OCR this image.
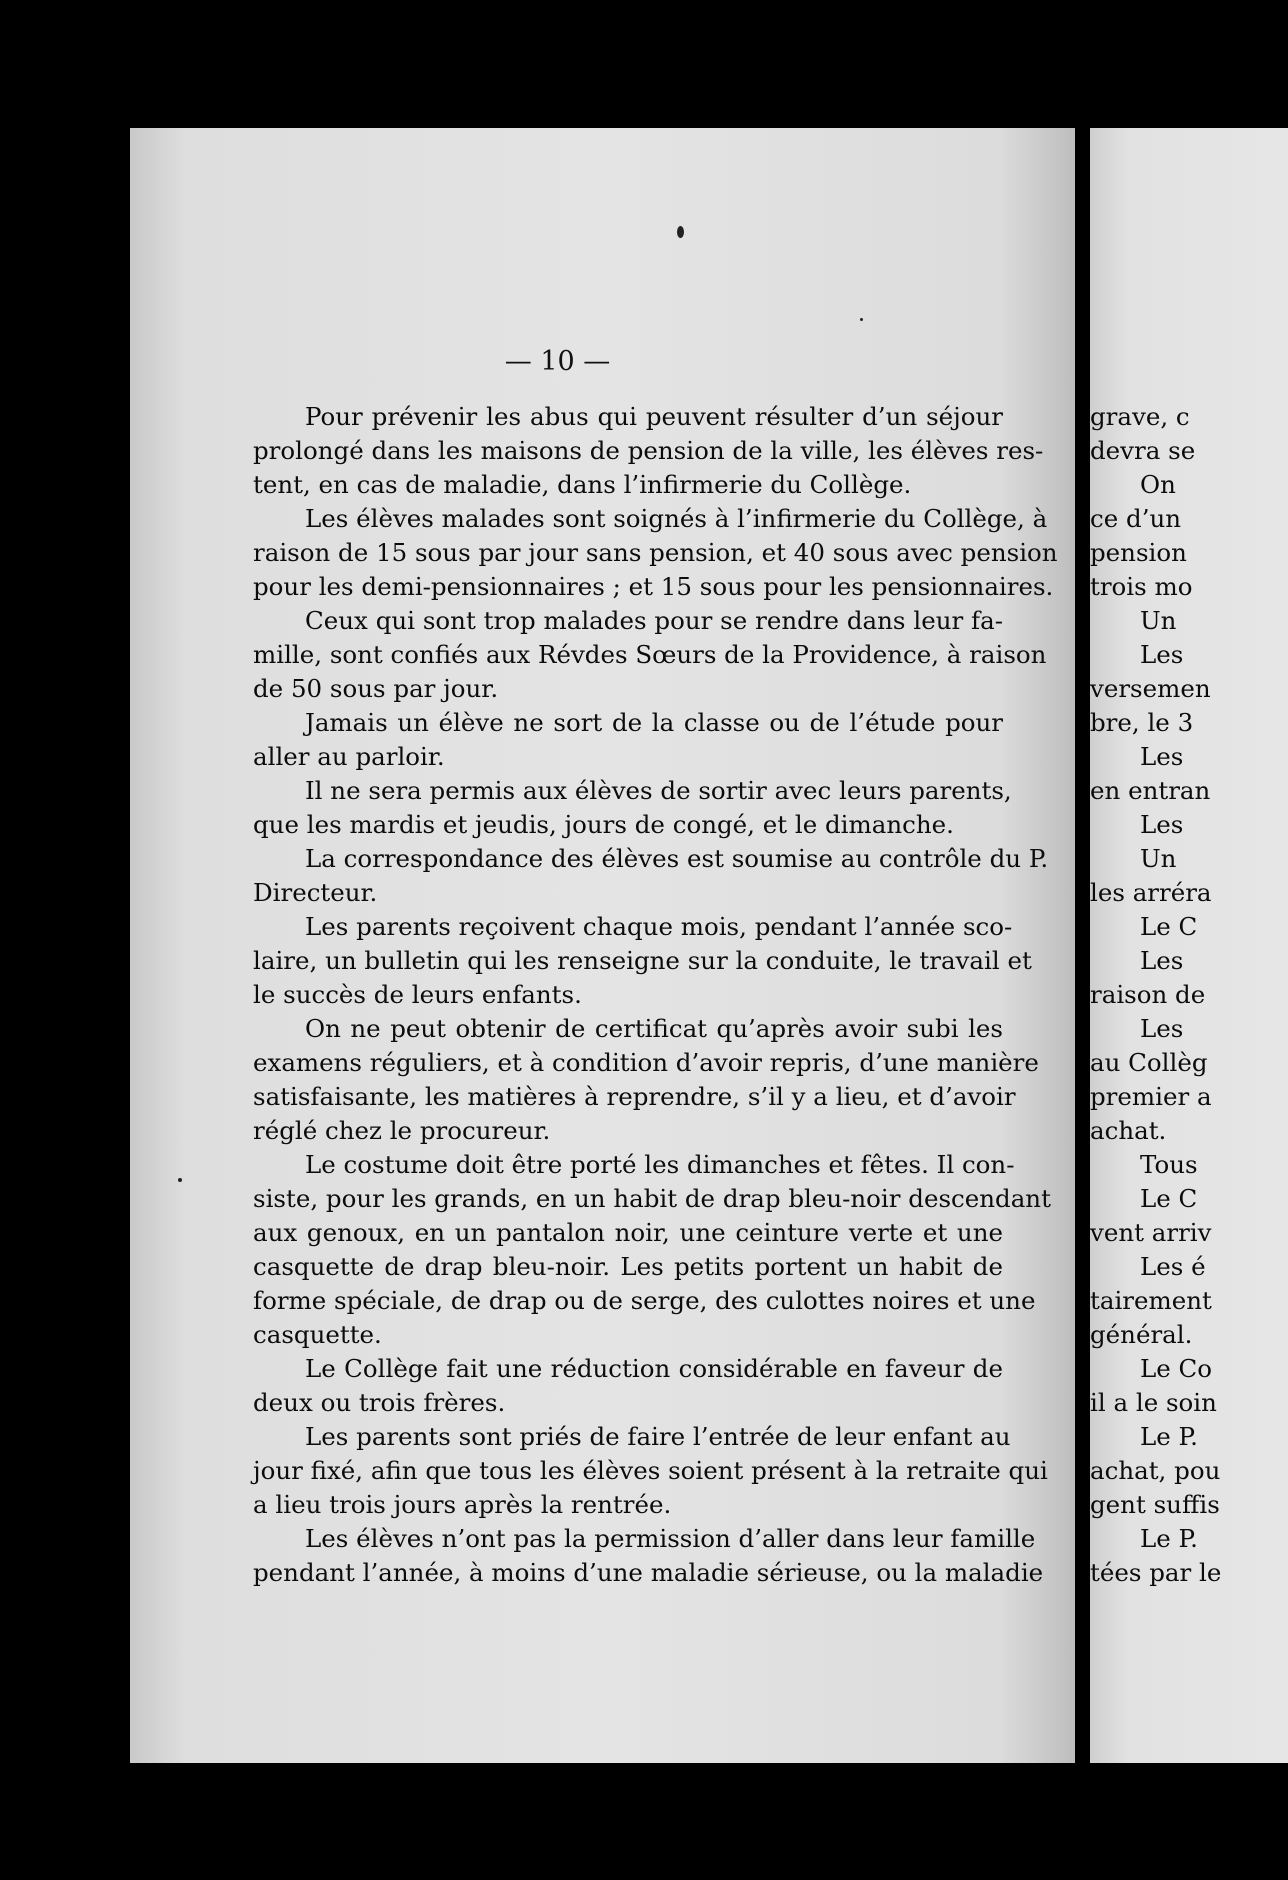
— 10 —
Pour prévenir les abus qui peuvent résulter d’un séjour
prolongé dans les maisons de pension de la ville, les élèves res-
tent, en cas de maladie, dans l’infirmerie du Collège.
Les élèves malades sont soignés à l’infirmerie du Collège, à
raison de 15 sous par jour sans pension, et 40 sous avec pension
pour les demi-pensionnaires ; et 15 sous pour les pensionnaires.
Ceux qui sont trop malades pour se rendre dans leur fa-
mille, sont confiés aux Révdes Sœurs de la Providence, à raison
de 50 sous par jour.
Jamais un élève ne sort de la classe ou de l’étude pour
aller au parloir.
Il ne sera permis aux élèves de sortir avec leurs parents,
que les mardis et jeudis, jours de congé, et le dimanche.
La correspondance des élèves est soumise au contrôle du P.
Directeur.
Les parents reçoivent chaque mois, pendant l’année sco-
laire, un bulletin qui les renseigne sur la conduite, le travail et
le succès de leurs enfants.
On ne peut obtenir de certificat qu’après avoir subi les
examens réguliers, et à condition d’avoir repris, d’une manière
satisfaisante, les matières à reprendre, s’il y a lieu, et d’avoir
réglé chez le procureur.
Le costume doit être porté les dimanches et fêtes. Il con-
siste, pour les grands, en un habit de drap bleu-noir descendant
aux genoux, en un pantalon noir, une ceinture verte et une
casquette de drap bleu-noir. Les petits portent un habit de
forme spéciale, de drap ou de serge, des culottes noires et une
casquette.
Le Collège fait une réduction considérable en faveur de
deux ou trois frères.
Les parents sont priés de faire l’entrée de leur enfant au
jour fixé, afin que tous les élèves soient présent à la retraite qui
a lieu trois jours après la rentrée.
Les élèves n’ont pas la permission d’aller dans leur famille
pendant l’année, à moins d’une maladie sérieuse, ou la maladie
grave, c
devra se
On
ce d’un
pension
trois mo
Un
Les
versemen
bre, le 3
Les
en entran
Les
Un
les arréra
Le C
Les
raison de
Les
au Collèg
premier a
achat.
Tous
Le C
vent arriv
Les é
tairement
général.
Le Co
il a le soin
Le P.
achat, pou
gent suffis
Le P.
tées par le
